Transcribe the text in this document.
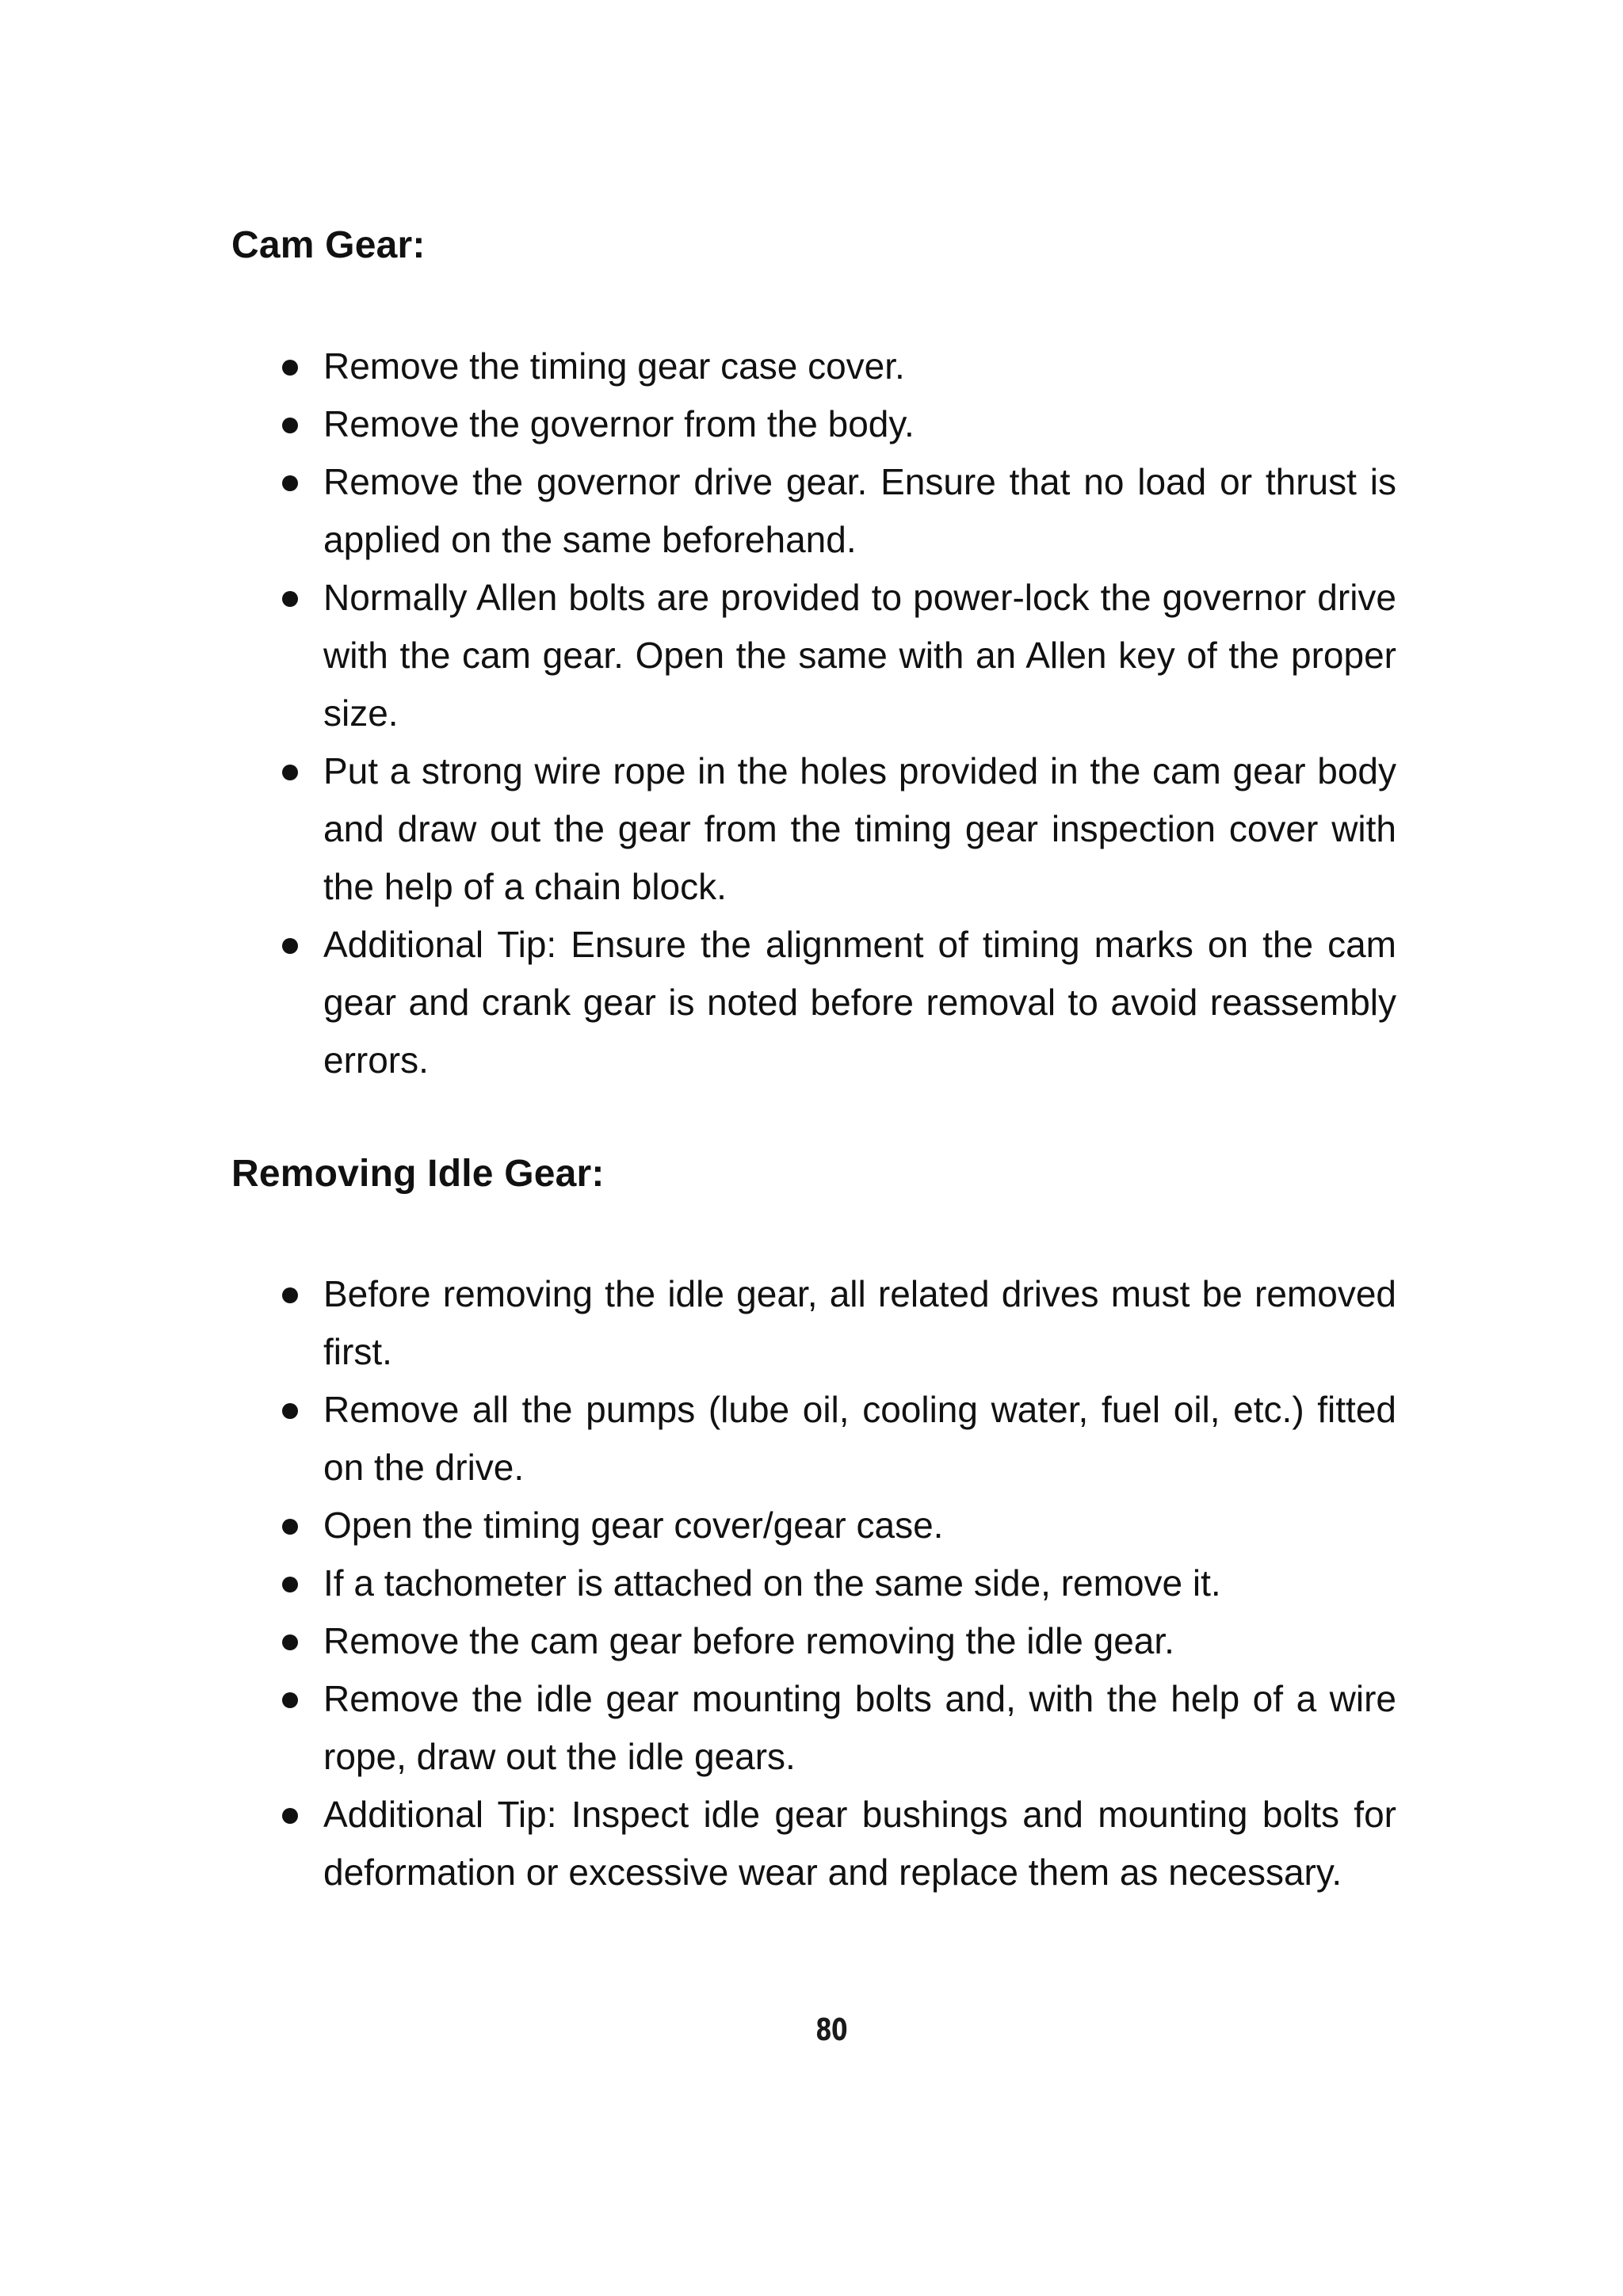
Cam Gear:
Remove the timing gear case cover.
Remove the governor from the body.
Remove the governor drive gear. Ensure that no load or thrust is applied on the same beforehand.
Normally Allen bolts are provided to power-lock the governor drive with the cam gear. Open the same with an Allen key of the proper size.
Put a strong wire rope in the holes provided in the cam gear body and draw out the gear from the timing gear inspection cover with the help of a chain block.
Additional Tip: Ensure the alignment of timing marks on the cam gear and crank gear is noted before removal to avoid reassembly errors.
Removing Idle Gear:
Before removing the idle gear, all related drives must be removed first.
Remove all the pumps (lube oil, cooling water, fuel oil, etc.) fitted on the drive.
Open the timing gear cover/gear case.
If a tachometer is attached on the same side, remove it.
Remove the cam gear before removing the idle gear.
Remove the idle gear mounting bolts and, with the help of a wire rope, draw out the idle gears.
Additional Tip: Inspect idle gear bushings and mounting bolts for deformation or excessive wear and replace them as necessary.
80
